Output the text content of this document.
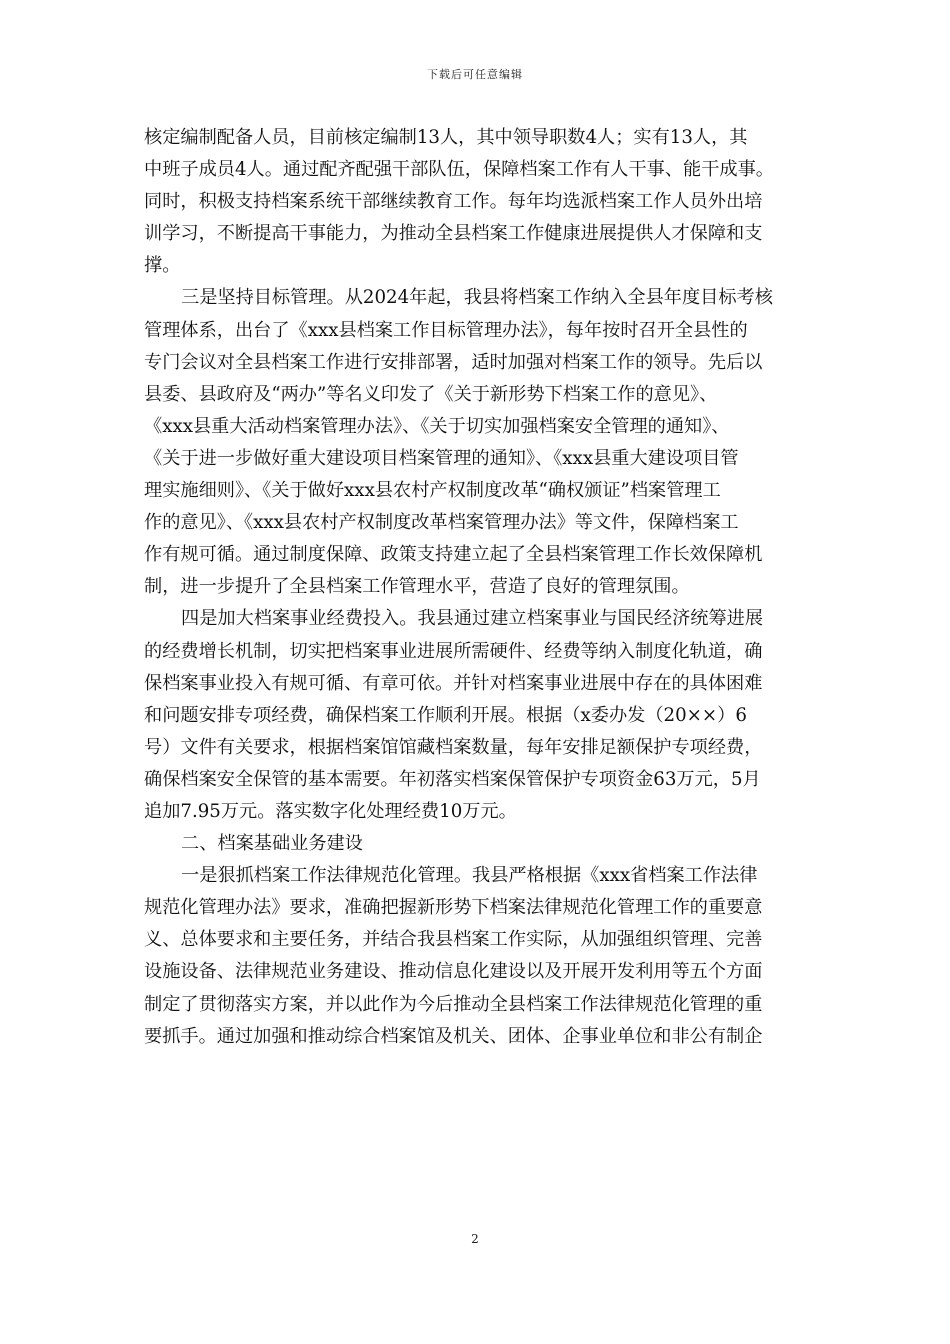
下载后可任意编辑
核定编制配备人员，目前核定编制13人，其中领导职数4人；实有13人，其
中班子成员4人。通过配齐配强干部队伍，保障档案工作有人干事、能干成事。
同时，积极支持档案系统干部继续教育工作。每年均选派档案工作人员外出培
训学习，不断提高干事能力，为推动全县档案工作健康进展提供人才保障和支
撑。
三是坚持目标管理。从2024年起，我县将档案工作纳入全县年度目标考核
管理体系，出台了《xxx县档案工作目标管理办法》，每年按时召开全县性的
专门会议对全县档案工作进行安排部署，适时加强对档案工作的领导。先后以
县委、县政府及“两办”等名义印发了《关于新形势下档案工作的意见》、
《xxx县重大活动档案管理办法》、《关于切实加强档案安全管理的通知》、
《关于进一步做好重大建设项目档案管理的通知》、《xxx县重大建设项目管
理实施细则》、《关于做好xxx县农村产权制度改革“确权颁证”档案管理工
作的意见》、《xxx县农村产权制度改革档案管理办法》等文件，保障档案工
作有规可循。通过制度保障、政策支持建立起了全县档案管理工作长效保障机
制，进一步提升了全县档案工作管理水平，营造了良好的管理氛围。
四是加大档案事业经费投入。我县通过建立档案事业与国民经济统筹进展
的经费增长机制，切实把档案事业进展所需硬件、经费等纳入制度化轨道，确
保档案事业投入有规可循、有章可依。并针对档案事业进展中存在的具体困难
和问题安排专项经费，确保档案工作顺利开展。根据（x委办发（20××）6
号）文件有关要求，根据档案馆馆藏档案数量，每年安排足额保护专项经费，
确保档案安全保管的基本需要。年初落实档案保管保护专项资金63万元，5月
追加7.95万元。落实数字化处理经费10万元。
二、档案基础业务建设
一是狠抓档案工作法律规范化管理。我县严格根据《xxx省档案工作法律
规范化管理办法》要求，准确把握新形势下档案法律规范化管理工作的重要意
义、总体要求和主要任务，并结合我县档案工作实际，从加强组织管理、完善
设施设备、法律规范业务建设、推动信息化建设以及开展开发利用等五个方面
制定了贯彻落实方案，并以此作为今后推动全县档案工作法律规范化管理的重
要抓手。通过加强和推动综合档案馆及机关、团体、企事业单位和非公有制企
2
